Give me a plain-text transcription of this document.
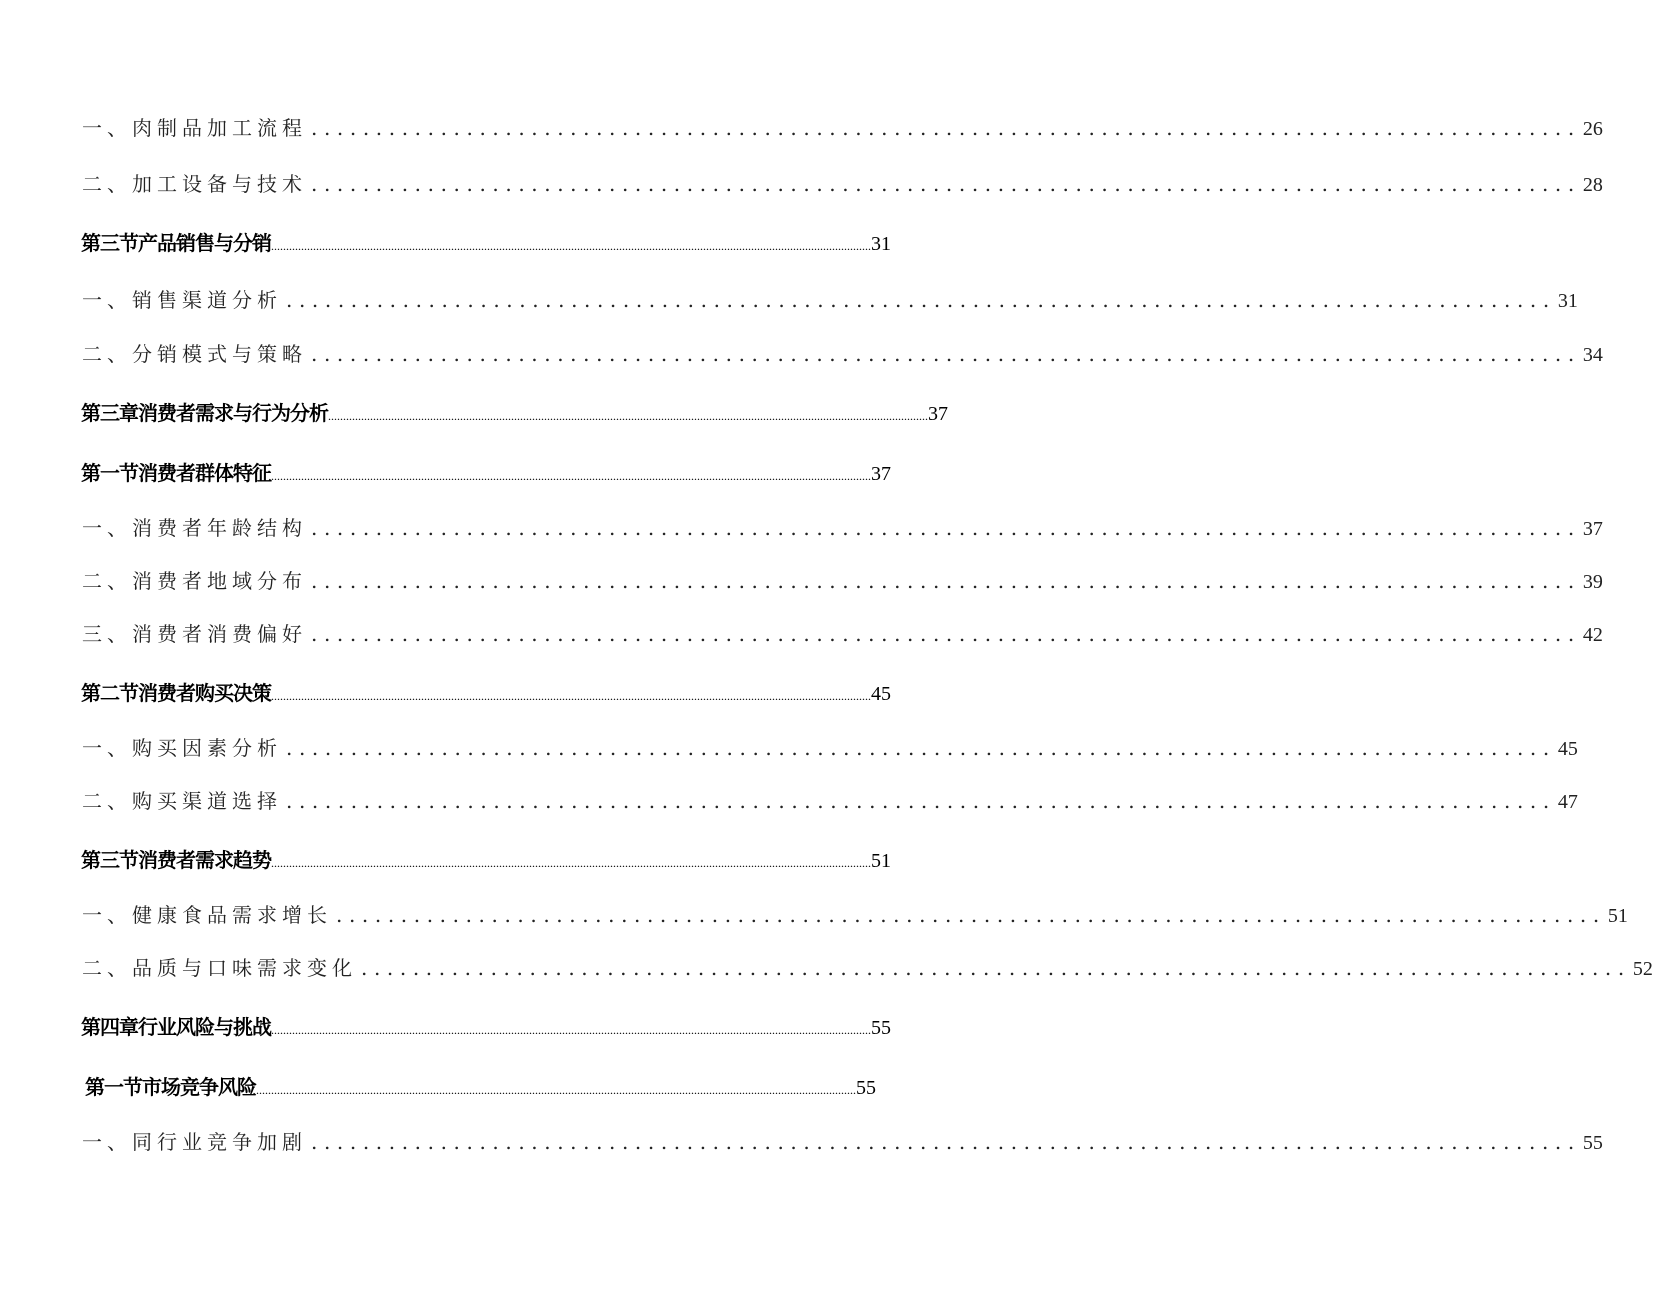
一、肉制品加工流程 .................................................................................................. 26
二、加工设备与技术 .................................................................................................. 28
第三节产品销售与分销 ........................................................................................................................................................................................................ 31
一、销售渠道分析 .................................................................................................. 31
二、分销模式与策略 .................................................................................................. 34
第三章消费者需求与行为分析 ........................................................................................................................................................................................................ 37
第一节消费者群体特征 ........................................................................................................................................................................................................ 37
一、消费者年龄结构 .................................................................................................. 37
二、消费者地域分布 .................................................................................................. 39
三、消费者消费偏好 .................................................................................................. 42
第二节消费者购买决策 ........................................................................................................................................................................................................ 45
一、购买因素分析 .................................................................................................. 45
二、购买渠道选择 .................................................................................................. 47
第三节消费者需求趋势 ........................................................................................................................................................................................................ 51
一、健康食品需求增长 .................................................................................................. 51
二、品质与口味需求变化 .................................................................................................. 52
第四章行业风险与挑战 ........................................................................................................................................................................................................ 55
第一节市场竞争风险 ........................................................................................................................................................................................................ 55
一、同行业竞争加剧 .................................................................................................. 55
